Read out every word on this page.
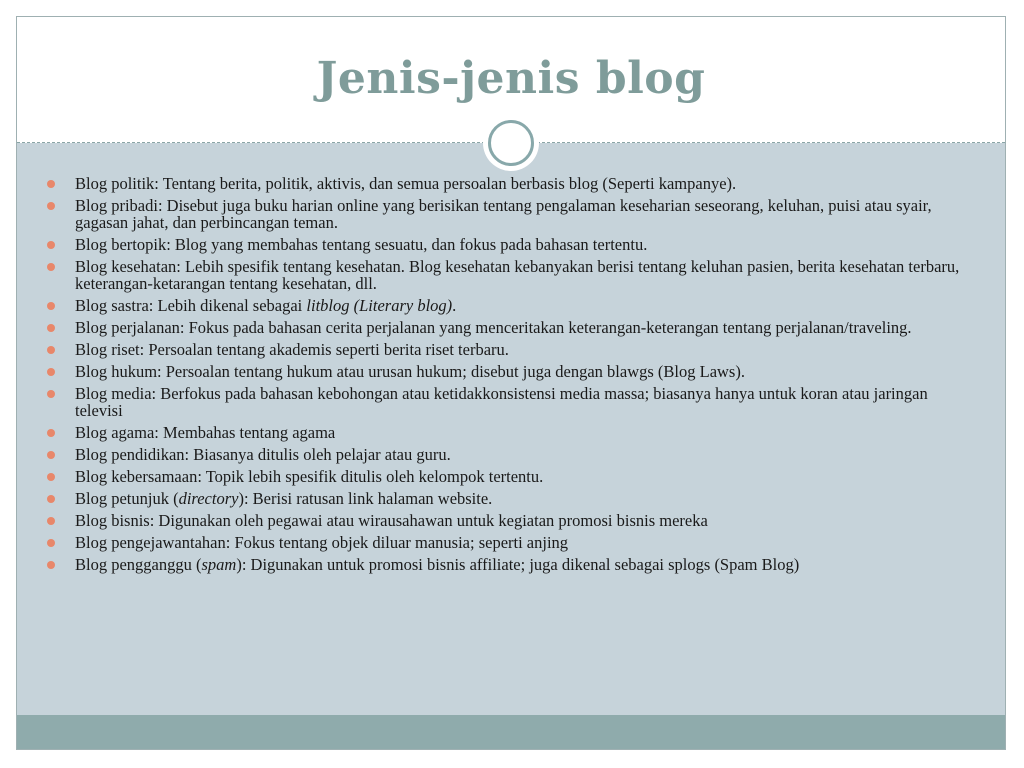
Jenis-jenis blog
Blog politik: Tentang berita, politik, aktivis, dan semua persoalan berbasis blog (Seperti kampanye).
Blog pribadi: Disebut juga buku harian online yang berisikan tentang pengalaman keseharian seseorang, keluhan, puisi atau syair, gagasan jahat, dan perbincangan teman.
Blog bertopik: Blog yang membahas tentang sesuatu, dan fokus pada bahasan tertentu.
Blog kesehatan: Lebih spesifik tentang kesehatan. Blog kesehatan kebanyakan berisi tentang keluhan pasien, berita kesehatan terbaru, keterangan-ketarangan tentang kesehatan, dll.
Blog sastra: Lebih dikenal sebagai litblog (Literary blog).
Blog perjalanan: Fokus pada bahasan cerita perjalanan yang menceritakan keterangan-keterangan tentang perjalanan/traveling.
Blog riset: Persoalan tentang akademis seperti berita riset terbaru.
Blog hukum: Persoalan tentang hukum atau urusan hukum; disebut juga dengan blawgs (Blog Laws).
Blog media: Berfokus pada bahasan kebohongan atau ketidakkonsistensi media massa; biasanya hanya untuk koran atau jaringan televisi
Blog agama: Membahas tentang agama
Blog pendidikan: Biasanya ditulis oleh pelajar atau guru.
Blog kebersamaan: Topik lebih spesifik ditulis oleh kelompok tertentu.
Blog petunjuk (directory): Berisi ratusan link halaman website.
Blog bisnis: Digunakan oleh pegawai atau wirausahawan untuk kegiatan promosi bisnis mereka
Blog pengejawantahan: Fokus tentang objek diluar manusia; seperti anjing
Blog pengganggu (spam): Digunakan untuk promosi bisnis affiliate; juga dikenal sebagai splogs (Spam Blog)
